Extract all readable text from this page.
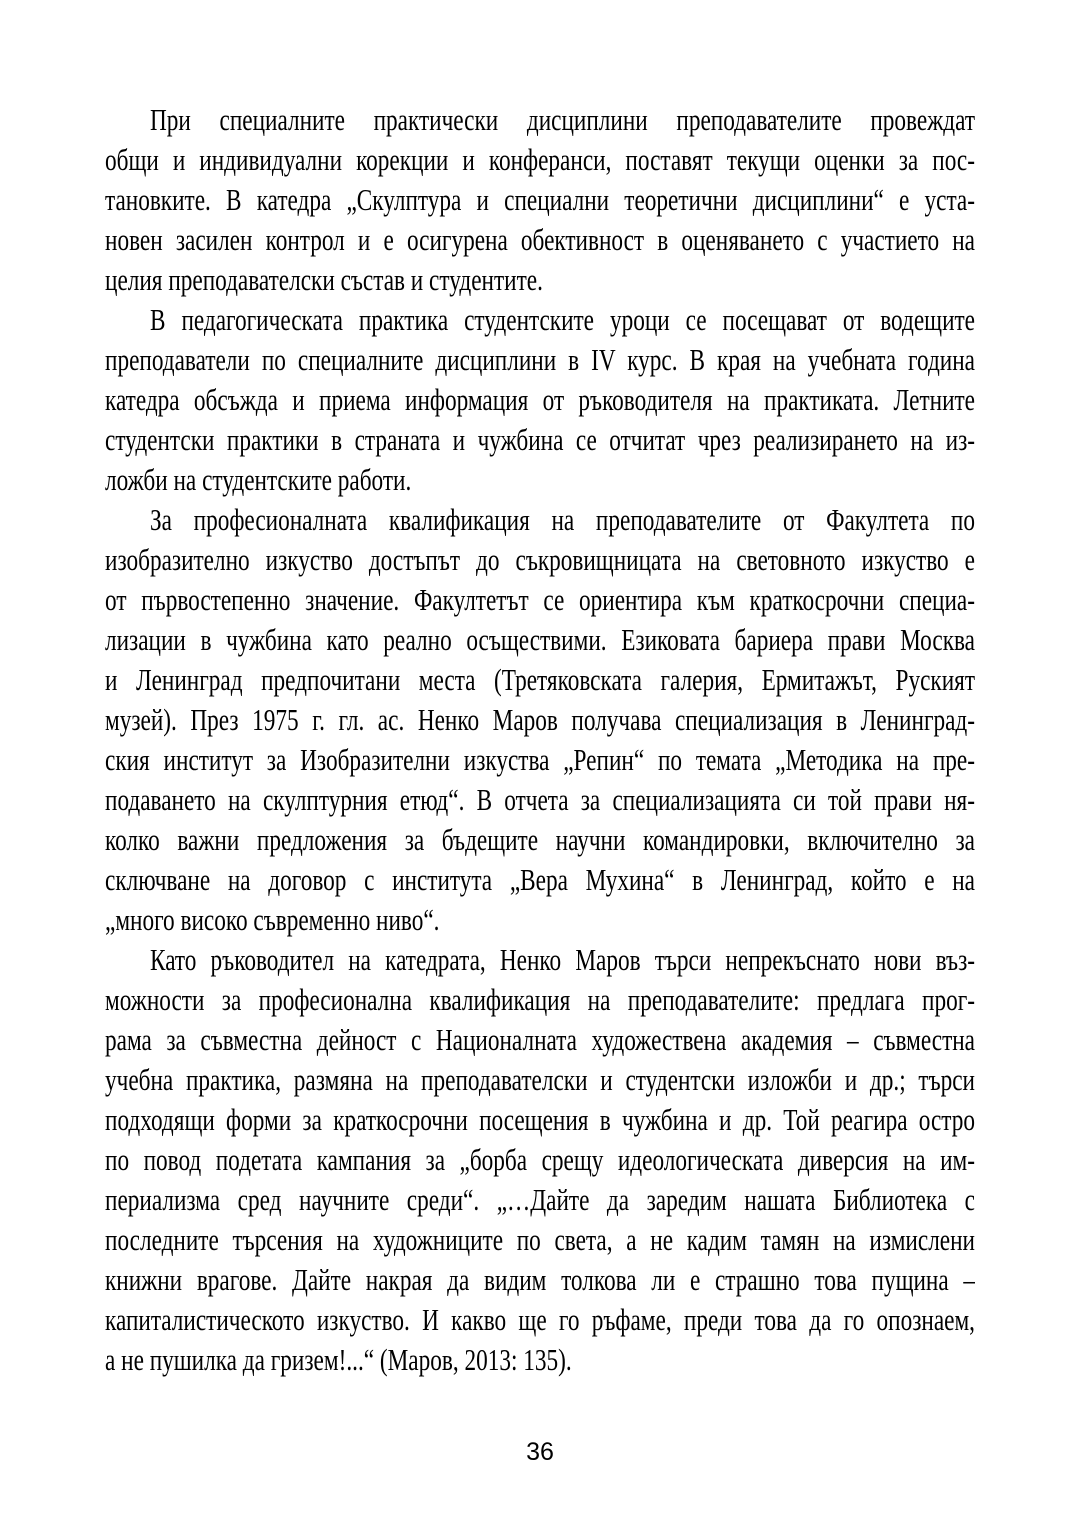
При специалните практически дисциплини преподавателите провеждат
общи и индивидуални корекции и конферанси, поставят текущи оценки за пос-
тановките. В катедра „Скулптура и специални теоретични дисциплини“ е уста-
новен засилен контрол и е осигурена обективност в оценяването с участието на
целия преподавателски състав и студентите.
В педагогическата практика студентските уроци се посещават от водещите
преподаватели по специалните дисциплини в IV курс. В края на учебната година
катедра обсъжда и приема информация от ръководителя на практиката. Летните
студентски практики в страната и чужбина се отчитат чрез реализирането на из-
ложби на студентските работи.
За професионалната квалификация на преподавателите от Факултета по
изобразително изкуство достъпът до съкровищницата на световното изкуство е
от първостепенно значение. Факултетът се ориентира към краткосрочни специа-
лизации в чужбина като реално осъществими. Езиковата бариера прави Москва
и Ленинград предпочитани места (Третяковската галерия, Ермитажът, Руският
музей). През 1975 г. гл. ас. Ненко Маров получава специализация в Ленинград-
ския институт за Изобразителни изкуства „Репин“ по темата „Методика на пре-
подаването на скулптурния етюд“. В отчета за специализацията си той прави ня-
колко важни предложения за бъдещите научни командировки, включително за
сключване на договор с института „Вера Мухина“ в Ленинград, който е на
„много високо съвременно ниво“.
Като ръководител на катедрата, Ненко Маров търси непрекъснато нови въз-
можности за професионална квалификация на преподавателите: предлага прог-
рама за съвместна дейност с Националната художествена академия – съвместна
учебна практика, размяна на преподавателски и студентски изложби и др.; търси
подходящи форми за краткосрочни посещения в чужбина и др. Той реагира остро
по повод подетата кампания за „борба срещу идеологическата диверсия на им-
периализма сред научните среди“. „…Дайте да заредим нашата Библиотека с
последните търсения на художниците по света, а не кадим тамян на измислени
книжни врагове. Дайте накрая да видим толкова ли е страшно това пущина –
капиталистическото изкуство. И какво ще го ръфаме, преди това да го опознаем,
а не пушилка да гризем!...“ (Маров, 2013: 135).
36
